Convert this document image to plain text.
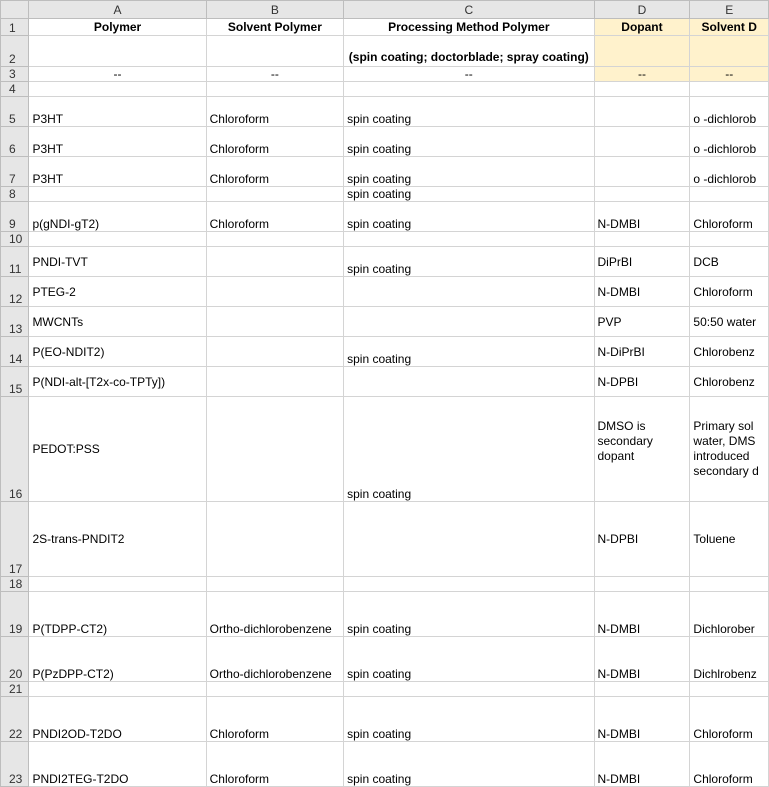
	A	B	C	D	E
1	Polymer	Solvent Polymer	Processing Method Polymer	Dopant	Solvent D
2			(spin coating; doctorblade; spray coating)		
3	--	--	--	--	--
4					
5	P3HT	Chloroform	spin coating		o -dichlorob
6	P3HT	Chloroform	spin coating		o -dichlorob
7	P3HT	Chloroform	spin coating		o -dichlorob
8			spin coating		
9	p(gNDI-gT2)	Chloroform	spin coating	N-DMBI	Chloroform
10					
11	PNDI-TVT		spin coating	DiPrBI	DCB
12	PTEG-2			N-DMBI	Chloroform
13	MWCNTs			PVP	50:50 water
14	P(EO-NDIT2)		spin coating	N-DiPrBI	Chlorobenz
15	P(NDI-alt-[T2x-co-TPTy])			N-DPBI	Chlorobenz
16	PEDOT:PSS		spin coating	DMSO is secondary dopant	Primary sol water, DMS introduced secondary d
17	2S-trans-PNDIT2			N-DPBI	Toluene
18					
19	P(TDPP-CT2)	Ortho-dichlorobenzene	spin coating	N-DMBI	Dichlorober
20	P(PzDPP-CT2)	Ortho-dichlorobenzene	spin coating	N-DMBI	Dichlrobenz
21					
22	PNDI2OD-T2DO	Chloroform	spin coating	N-DMBI	Chloroform
23	PNDI2TEG-T2DO	Chloroform	spin coating	N-DMBI	Chloroform
